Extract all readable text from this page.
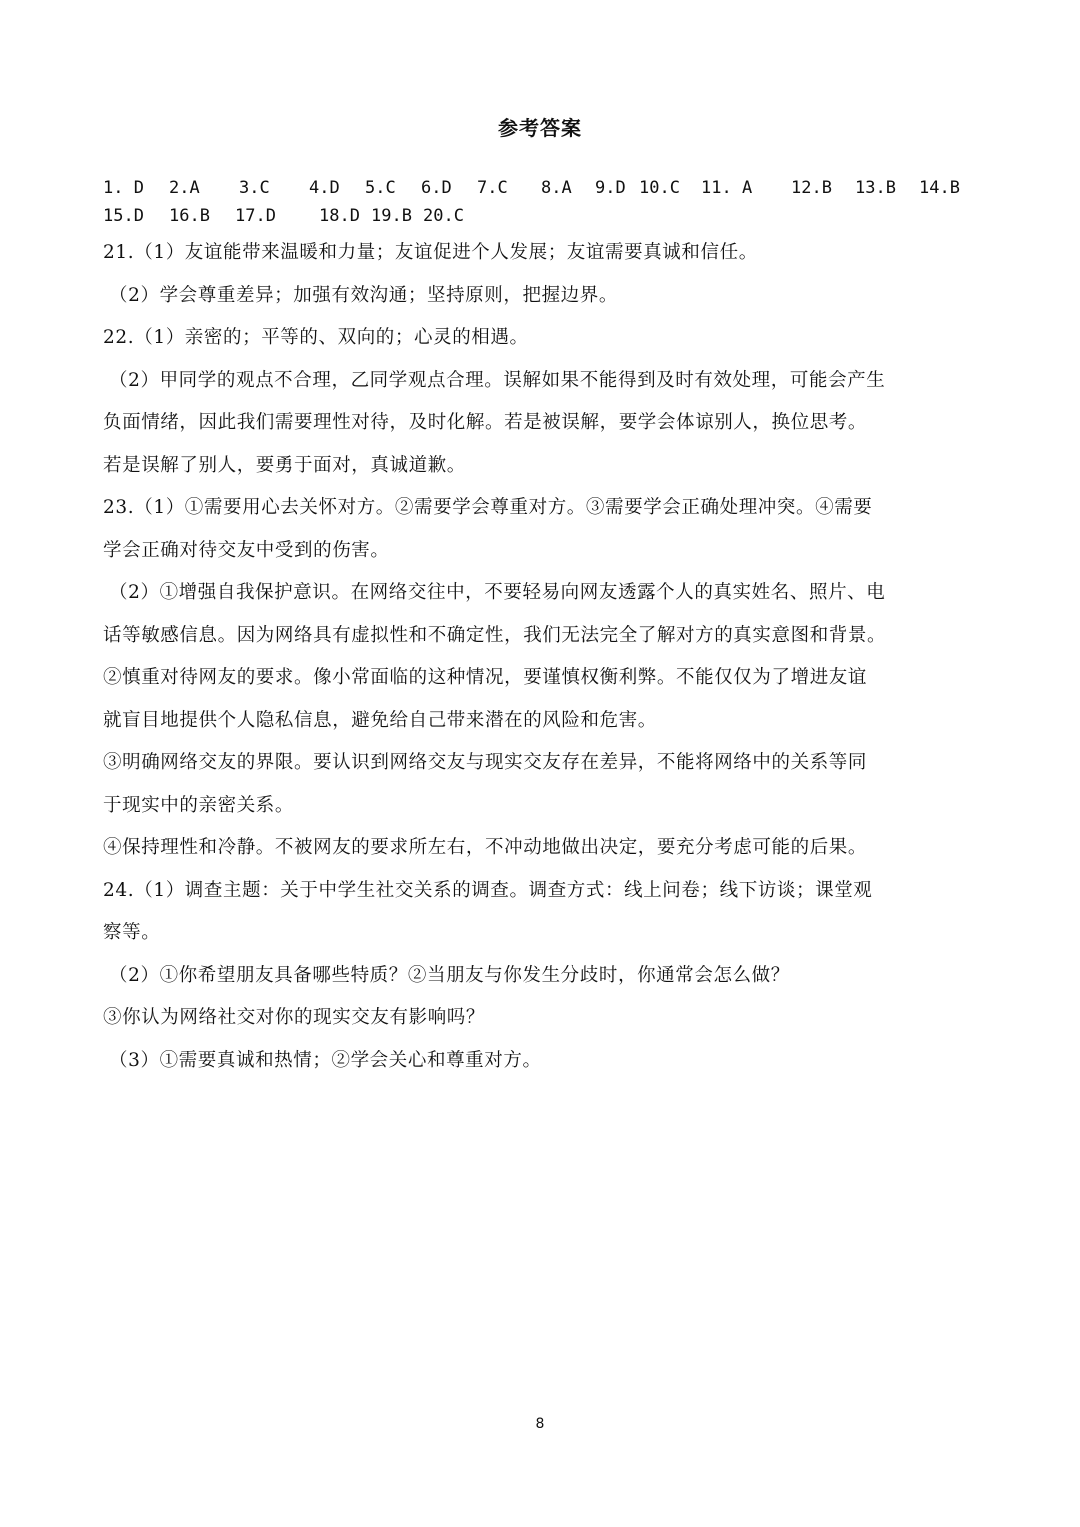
参考答案
1. D	2.A	3.C	4.D	5.C	6.D	7.C	8.A	9.D 10.C	11. A	12.B	13.B	14.B
15.D	16.B	17.D	18.D 19.B 20.C
21.（1）友谊能带来温暖和力量；友谊促进个人发展；友谊需要真诚和信任。
（2）学会尊重差异；加强有效沟通；坚持原则，把握边界。
22.（1）亲密的；平等的、双向的；心灵的相遇。
（2）甲同学的观点不合理，乙同学观点合理。误解如果不能得到及时有效处理，可能会产生
负面情绪，因此我们需要理性对待，及时化解。若是被误解，要学会体谅别人，换位思考。
若是误解了别人，要勇于面对，真诚道歉。
23.（1）①需要用心去关怀对方。②需要学会尊重对方。③需要学会正确处理冲突。④需要
学会正确对待交友中受到的伤害。
（2）①增强自我保护意识。在网络交往中，不要轻易向网友透露个人的真实姓名、照片、电
话等敏感信息。因为网络具有虚拟性和不确定性，我们无法完全了解对方的真实意图和背景。
②慎重对待网友的要求。像小常面临的这种情况，要谨慎权衡利弊。不能仅仅为了增进友谊
就盲目地提供个人隐私信息，避免给自己带来潜在的风险和危害。
③明确网络交友的界限。要认识到网络交友与现实交友存在差异，不能将网络中的关系等同
于现实中的亲密关系。
④保持理性和冷静。不被网友的要求所左右，不冲动地做出决定，要充分考虑可能的后果。
24.（1）调查主题：关于中学生社交关系的调查。调查方式：线上问卷；线下访谈；课堂观
察等。
（2）①你希望朋友具备哪些特质？②当朋友与你发生分歧时，你通常会怎么做？
③你认为网络社交对你的现实交友有影响吗？
（3）①需要真诚和热情；②学会关心和尊重对方。
8
